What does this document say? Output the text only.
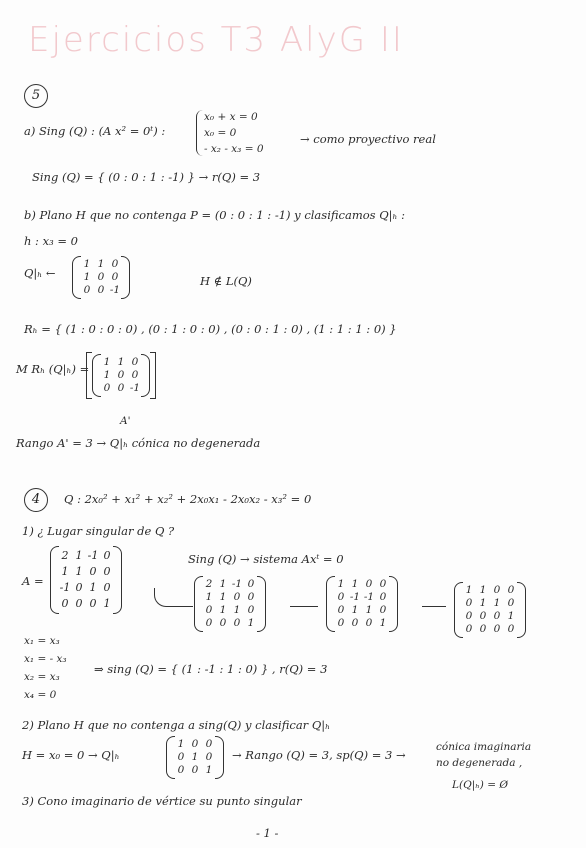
Ejercicios T3 AlyG II
5
a) Sing (Q) : (A x² = 0ᵗ) :
x₀ + x = 0
x₀ = 0
- x₂ - x₃ = 0
→ como proyectivo real
Sing (Q) = { (0 : 0 : 1 : -1) } → r(Q) = 3
b) Plano H que no contenga P = (0 : 0 : 1 : -1) y clasificamos Q|ₕ :
h : x₃ = 0
Q|ₕ ←
1 1 0
1 0 0
0 0 -1
H ∉ L(Q)
Rₕ = { (1 : 0 : 0 : 0) , (0 : 1 : 0 : 0) , (0 : 0 : 1 : 0) , (1 : 1 : 1 : 0) }
M Rₕ (Q|ₕ) =	1 1 0
1 0 0
0 0 -1
A'
Rango A' = 3 → Q|ₕ cónica no degenerada
4	Q : 2x₀² + x₁² + x₂² + 2x₀x₁ - 2x₀x₂ - x₃² = 0
1) ¿ Lugar singular de Q ?
Sing (Q) → sistema Axᵗ = 0
A =
2 1 -1 0
1 1 0 0
-1 0 1 0
0 0 0 1
2 1 -1 0
1 1 0 0
0 1 1 0
0 0 0 1
1 1 0 0
0 -1 -1 0
0 1 1 0
0 0 0 1
1 1 0 0
0 1 1 0
0 0 0 1
0 0 0 0
x₁ = x₃
x₁ = - x₃
x₂ = x₃
x₄ = 0
⇒ sing (Q) = { (1 : -1 : 1 : 0) } , r(Q) = 3
2) Plano H que no contenga a sing(Q) y clasificar Q|ₕ
H = x₀ = 0 → Q|ₕ
1 0 0
0 1 0
0 0 1
→ Rango (Q) = 3, sp(Q) = 3 →
cónica imaginaria
no degenerada ,
L(Q|ₕ) = Ø
3) Cono imaginario de vértice su punto singular
- 1 -
